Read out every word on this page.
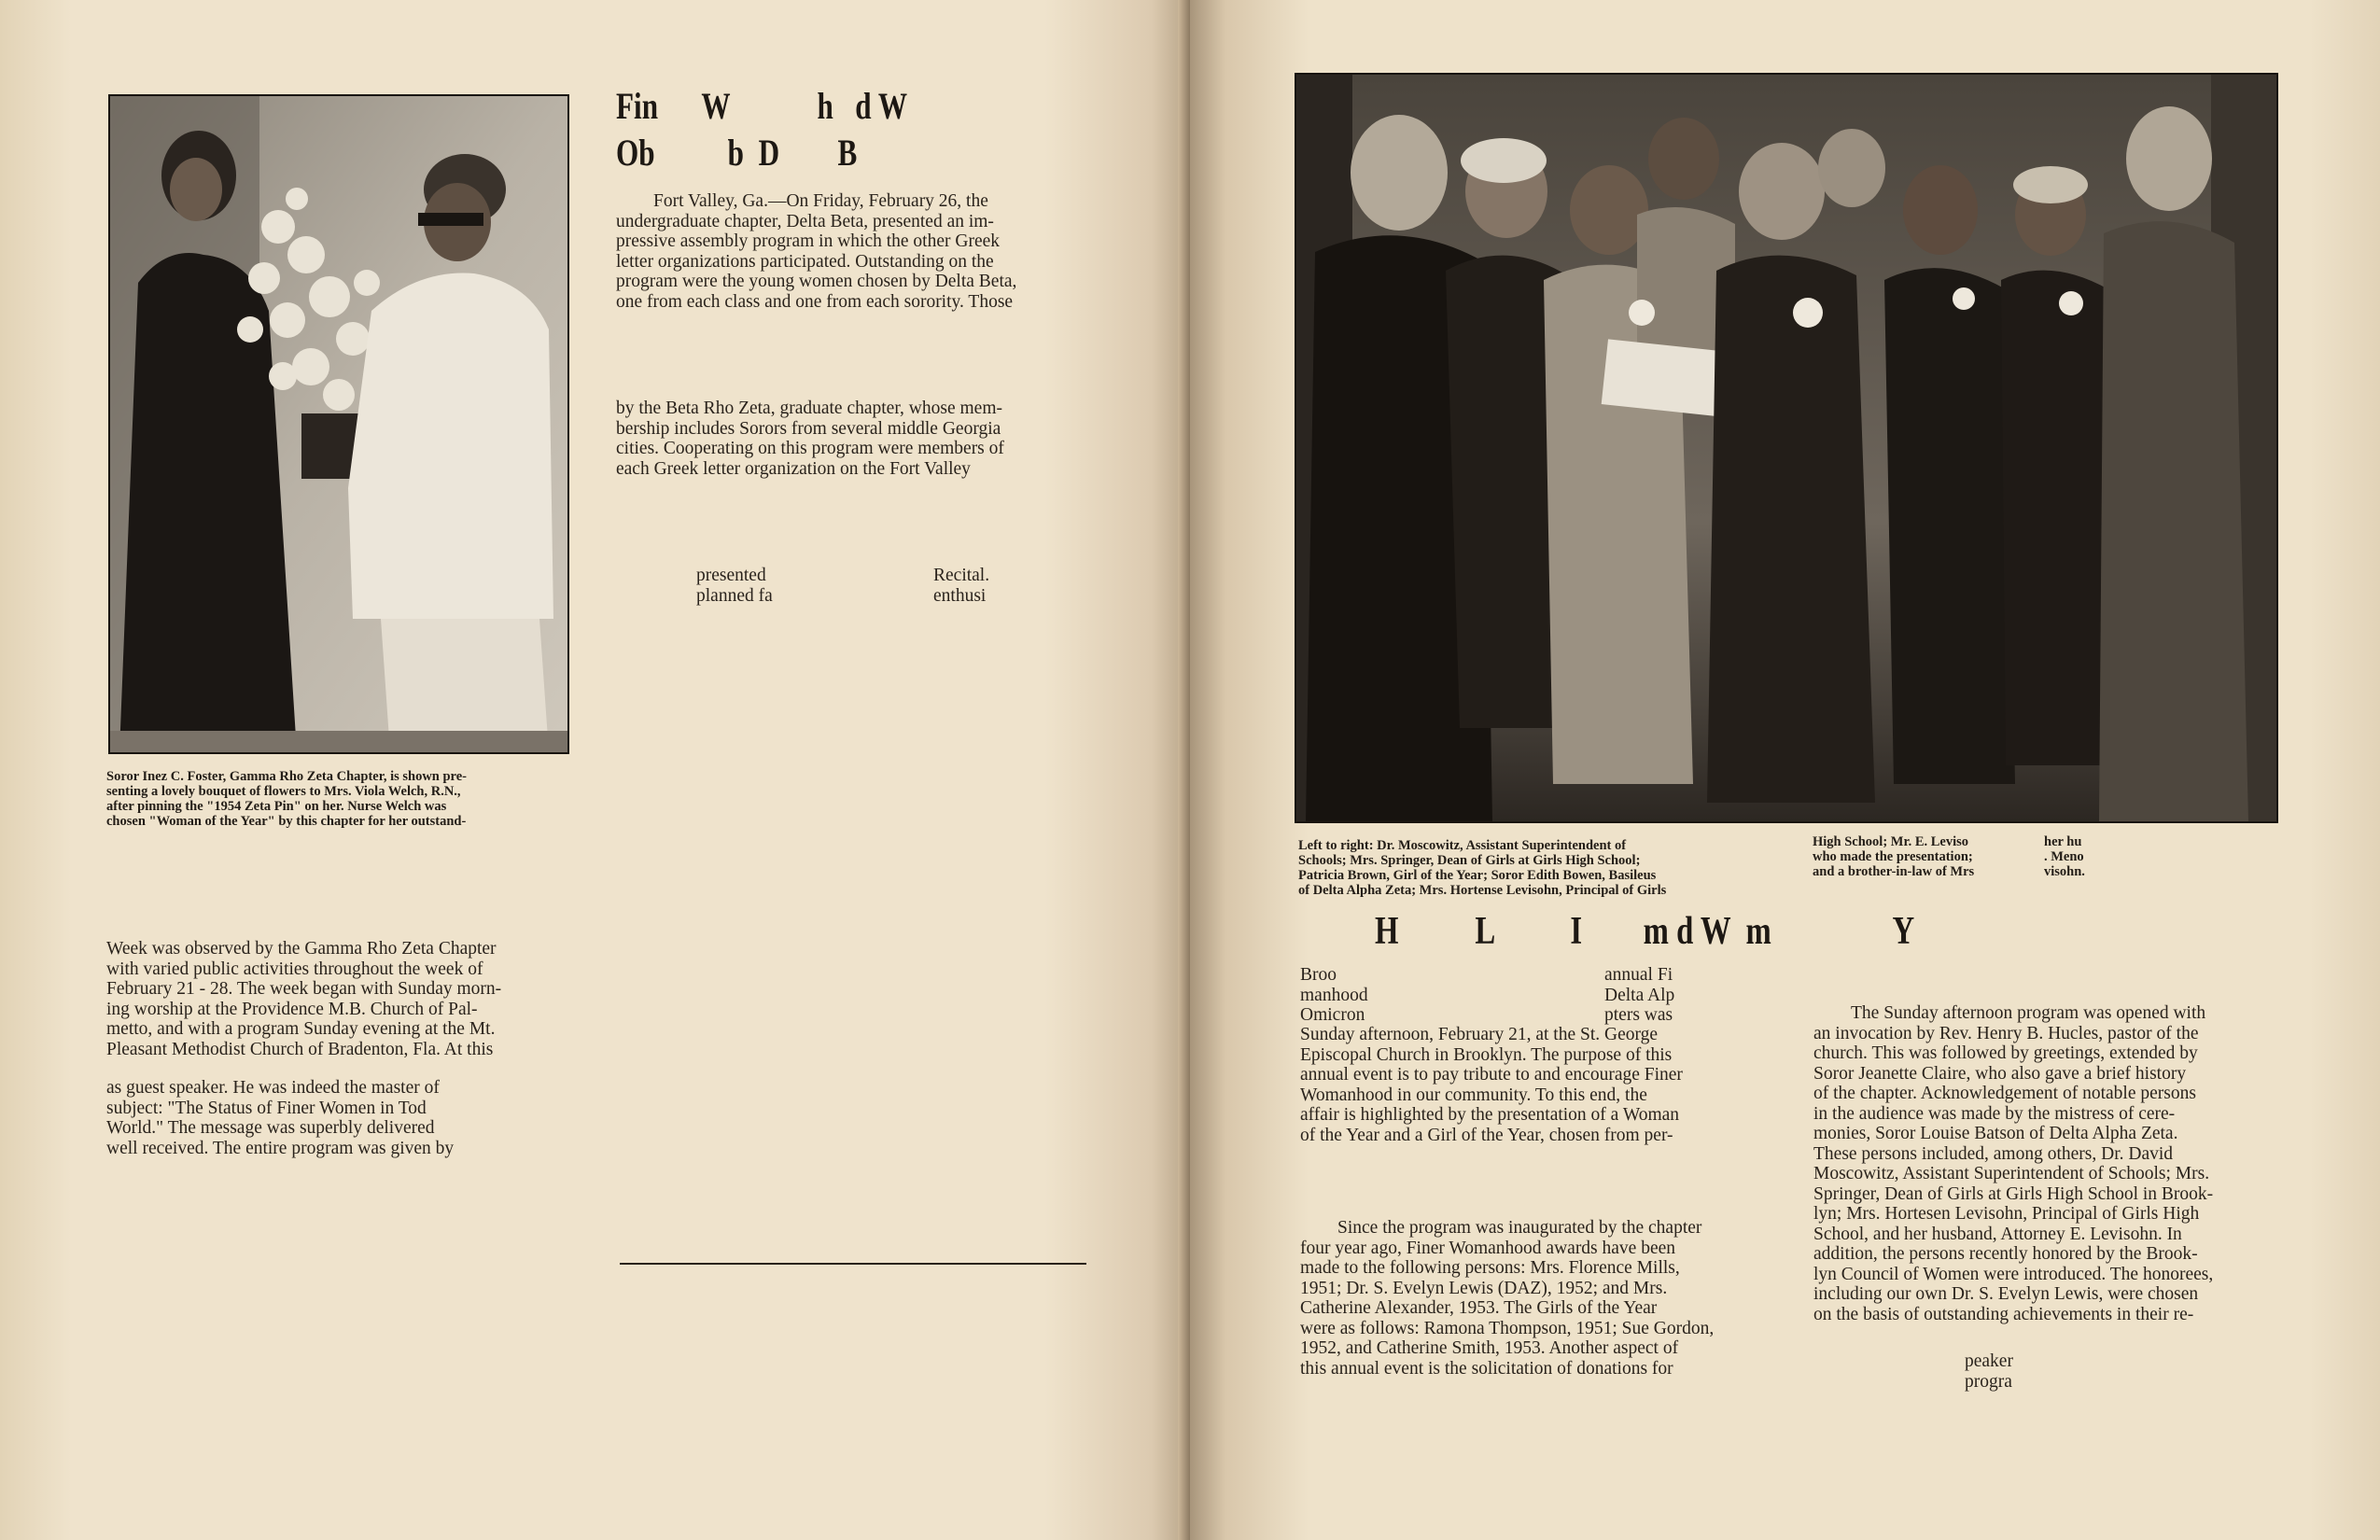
Soror Inez C. Foster, Gamma Rho Zeta Chapter, is shown pre-
senting a lovely bouquet of flowers to Mrs. Viola Welch, R.N.,
after pinning the "1954 Zeta Pin" on her. Nurse Welch was
chosen "Woman of the Year" by this chapter for her outstand-
Week was observed by the Gamma Rho Zeta Chapter
with varied public activities throughout the week of
February 21 - 28. The week began with Sunday morn-
ing worship at the Providence M.B. Church of Pal-
metto, and with a program Sunday evening at the Mt.
Pleasant Methodist Church of Bradenton, Fla. At this
as guest speaker. He was indeed the master of
subject: "The Status of Finer Women in Tod
World." The message was superbly delivered
well received. The entire program was given by
Fin      W            h   d W
Ob          b  D        B
Fort Valley, Ga.—On Friday, February 26, the
undergraduate chapter, Delta Beta, presented an im-
pressive assembly program in which the other Greek
letter organizations participated. Outstanding on the
program were the young women chosen by Delta Beta,
one from each class and one from each sorority. Those
by the Beta Rho Zeta, graduate chapter, whose mem-
bership includes Sorors from several middle Georgia
cities. Cooperating on this program were members of
each Greek letter organization on the Fort Valley
presented
planned fa
Recital.
enthusi
Left to right: Dr. Moscowitz, Assistant Superintendent of
Schools; Mrs. Springer, Dean of Girls at Girls High School;
Patricia Brown, Girl of the Year; Soror Edith Bowen, Basileus
of Delta Alpha Zeta; Mrs. Hortense Levisohn, Principal of Girls
High School; Mr. E. Leviso
who made the presentation;
and a brother-in-law of Mrs
her hu
. Meno
visohn.
H          L          I        m d W  m                Y
Broo
manhood
Omicron
annual Fi
Delta Alp
pters was
Sunday afternoon, February 21, at the St. George
Episcopal Church in Brooklyn. The purpose of this
annual event is to pay tribute to and encourage Finer
Womanhood in our community. To this end, the
affair is highlighted by the presentation of a Woman
of the Year and a Girl of the Year, chosen from per-
Since the program was inaugurated by the chapter
four year ago, Finer Womanhood awards have been
made to the following persons: Mrs. Florence Mills,
1951; Dr. S. Evelyn Lewis (DAZ), 1952; and Mrs.
Catherine Alexander, 1953. The Girls of the Year
were as follows: Ramona Thompson, 1951; Sue Gordon,
1952, and Catherine Smith, 1953. Another aspect of
this annual event is the solicitation of donations for
The Sunday afternoon program was opened with
an invocation by Rev. Henry B. Hucles, pastor of the
church. This was followed by greetings, extended by
Soror Jeanette Claire, who also gave a brief history
of the chapter. Acknowledgement of notable persons
in the audience was made by the mistress of cere-
monies, Soror Louise Batson of Delta Alpha Zeta.
These persons included, among others, Dr. David
Moscowitz, Assistant Superintendent of Schools; Mrs.
Springer, Dean of Girls at Girls High School in Brook-
lyn; Mrs. Hortesen Levisohn, Principal of Girls High
School, and her husband, Attorney E. Levisohn. In
addition, the persons recently honored by the Brook-
lyn Council of Women were introduced. The honorees,
including our own Dr. S. Evelyn Lewis, were chosen
on the basis of outstanding achievements in their re-
peaker
progra
